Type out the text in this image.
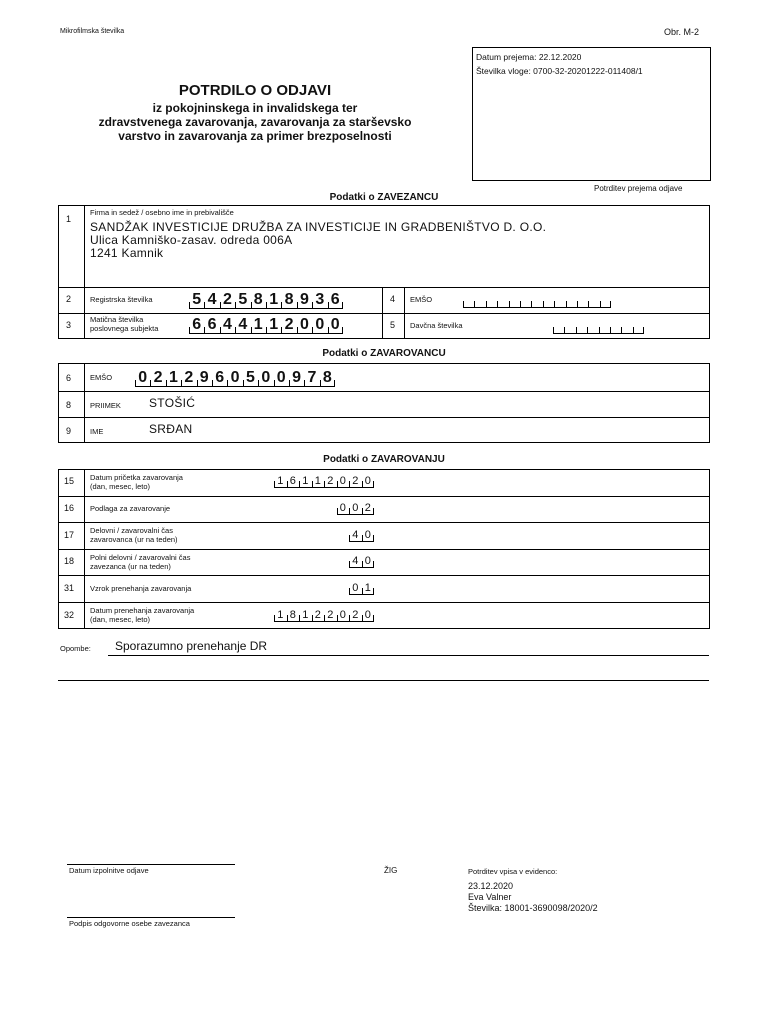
Mikrofilmska številka	Obr. M-2
POTRDILO O ODJAVI
iz pokojninskega in invalidskega ter
zdravstvenega zavarovanja, zavarovanja za starševsko
varstvo in zavarovanja za primer brezposelnosti
Datum prejema: 22.12.2020
Številka vloge: 0700-32-20201222-011408/1
Potrditev prejema odjave
Podatki o ZAVEZANCU
1
Firma in sedež / osebno ime in prebivališče
SANDŽAK INVESTICIJE DRUŽBA ZA INVESTICIJE IN GRADBENIŠTVO D. O.O.
Ulica Kamniško-zasav. odreda 006A
1241 Kamnik
2	Registrska številka 5 4 2 5 8 1 8 9 3 6
3
Matična številka
poslovnega subjekta 6 6 4 4 1 1 2 0 0 0
4 EMŠO
5 Davčna številka
Podatki o ZAVAROVANCU
6	EMŠO 0 2 1 2 9 6 0 5 0 0 9 7 8
8	PRIIMEK STOŠIĆ
9	IME	SRĐAN
Podatki o ZAVAROVANJU
15 Datum pričetka zavarovanja
(dan, mesec, leto)	1 6 1 1 2 0 2 0
16 Podlaga za zavarovanje	0 0 2
17 Delovni / zavarovalni čas
zavarovanca (ur na teden)	4 0
18 Polni delovni / zavarovalni čas
zavezanca (ur na teden)	4 0
31 Vzrok prenehanja zavarovanja	0 1
32 Datum prenehanja zavarovanja
(dan, mesec, leto)	1 8 1 2 2 0 2 0
Opombe: Sporazumno prenehanje DR
Datum izpolnitve odjave
Podpis odgovorne osebe zavezanca
ŽIG	Potrditev vpisa v evidenco:
23.12.2020
Eva Valner
Številka: 18001-3690098/2020/2
